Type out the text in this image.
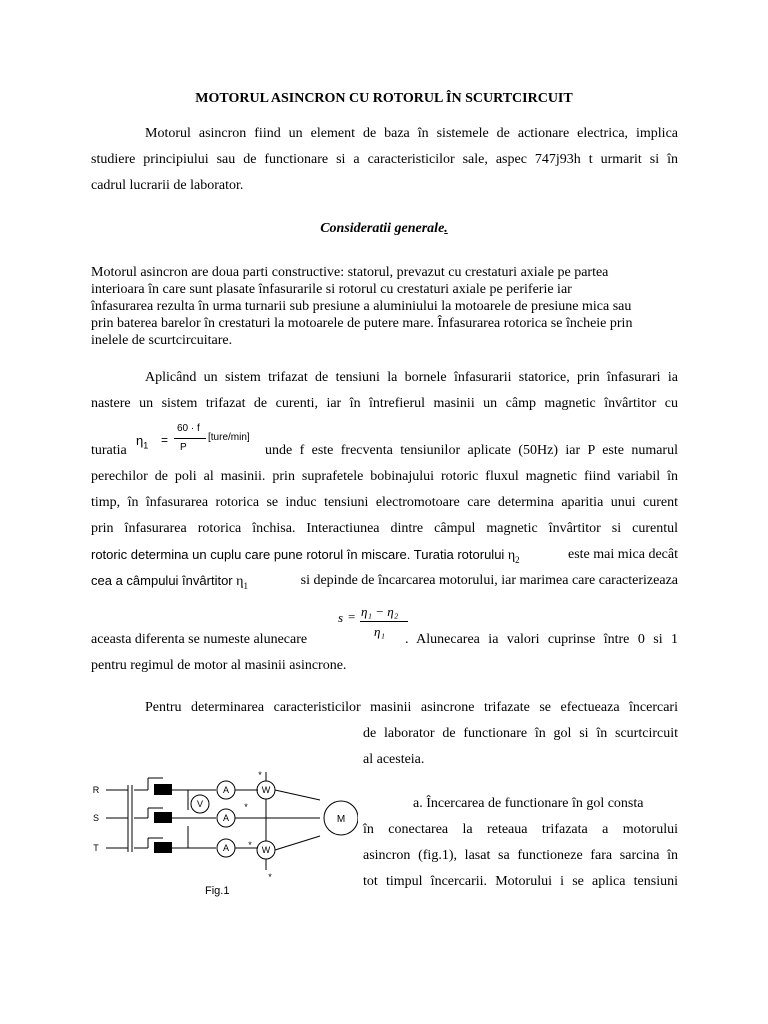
MOTORUL ASINCRON CU ROTORUL ÎN SCURTCIRCUIT
Motorul asincron fiind un element de baza în sistemele de actionare electrica, implica
studiere principiului sau de functionare si a caracteristicilor sale, aspec 747j93h t urmarit si în
cadrul lucrarii de laborator.
Consideratii generale.
Motorul asincron are doua parti constructive: statorul, prevazut cu crestaturi axiale pe partea
interioara în care sunt plasate înfasurarile si rotorul cu crestaturi axiale pe periferie iar
înfasurarea rezulta în urma turnarii sub presiune a aluminiului la motoarele de presiune mica sau
prin baterea barelor în crestaturi la motoarele de putere mare. Înfasurarea rotorica se încheie prin
inelele de scurtcircuitare.
Aplicând un sistem trifazat de tensiuni la bornele înfasurarii statorice, prin înfasurari ia
nastere un sistem trifazat de curenti, iar în întrefierul masinii un câmp magnetic învârtitor cu
$\eta_1$ =
60 · f
P
[ture/min]
turatia	unde f este frecventa tensiunilor aplicate (50Hz) iar P este numarul
perechilor de poli al masinii. prin suprafetele bobinajului rotoric fluxul magnetic fiind variabil în
timp, în înfasurarea rotorica se induc tensiuni electromotoare care determina aparitia unui curent
prin înfasurarea rotorica închisa. Interactiunea dintre câmpul magnetic învârtitor si curentul
rotoric determina un cuplu care pune rotorul în miscare. Turatia rotorului $\eta_2$	este mai mica decât
cea a câmpului învârtitor $\eta_1$	si depinde de încarcarea motorului, iar marimea care caracterizeaza
s = η₁ − η₂
η₁
aceasta diferenta se numeste alunecare	. Alunecarea ia valori cuprinse între 0 si 1
pentru regimul de motor al masinii asincrone.
Pentru determinarea caracteristicilor masinii asincrone trifazate se efectueaza încercari
de laborator de functionare în gol si în scurtcircuit
al acesteia.
a. Încercarea de functionare în gol consta
în conectarea la reteaua trifazata a motorului
asincron (fig.1), lasat sa functioneze fara sarcina în
tot timpul încercarii. Motorului i se aplica tensiuni
R
S
T
A	W
V
A
A	W
M
*
*
*
*
Fig.1
